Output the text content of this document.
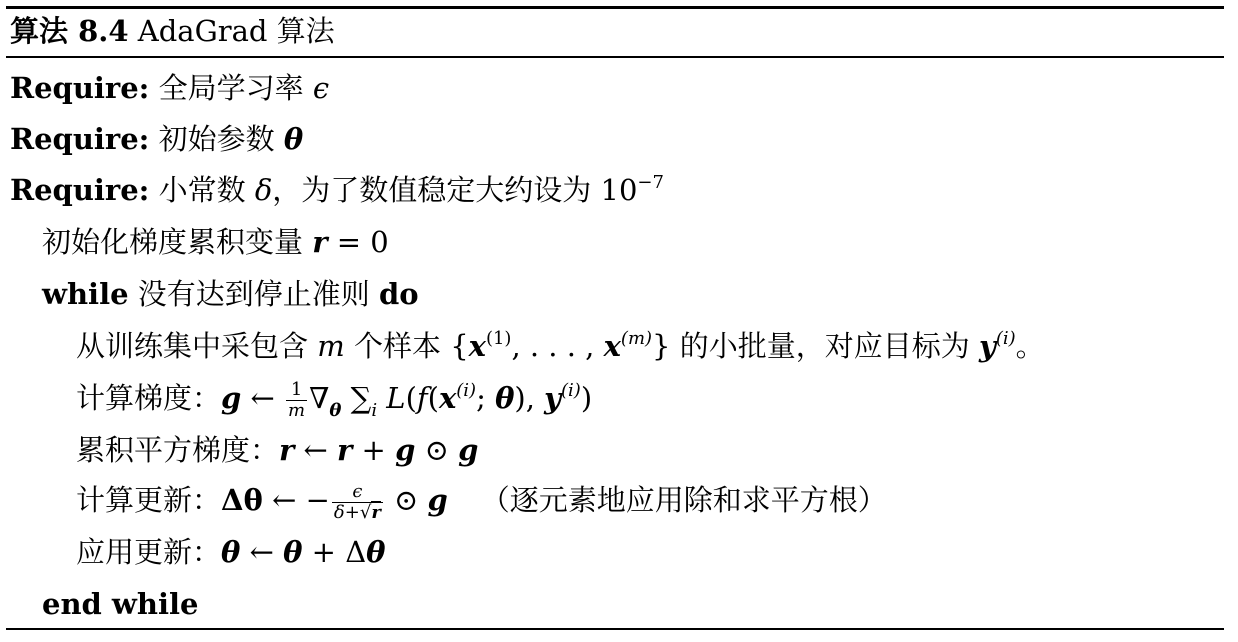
算法 8.4 AdaGrad 算法
Require: 全局学习率 ϵ
Require: 初始参数 θ
Require: 小常数 δ，为了数值稳定大约设为 $10^{-7}$
初始化梯度累积变量 r = 0
while 没有达到停止准则 do
从训练集中采包含 m 个样本 {$x^{(1)}$, . . . , $x^{(m)}$} 的小批量，对应目标为 $y^{(i)}$。
计算梯度：g ← $\frac{1}{m} \nabla_\theta$ $\sum_i$ $L(f(x^{(i)}$; θ), $y^{(i)}$)
累积平方梯度：r ← r + g ⊙ g
计算更新：Δθ ← − $\frac{\epsilon}{\delta+√r}$ ⊙ g （逐元素地应用除和求平方根）
应用更新：θ ← θ + Δθ
end while
